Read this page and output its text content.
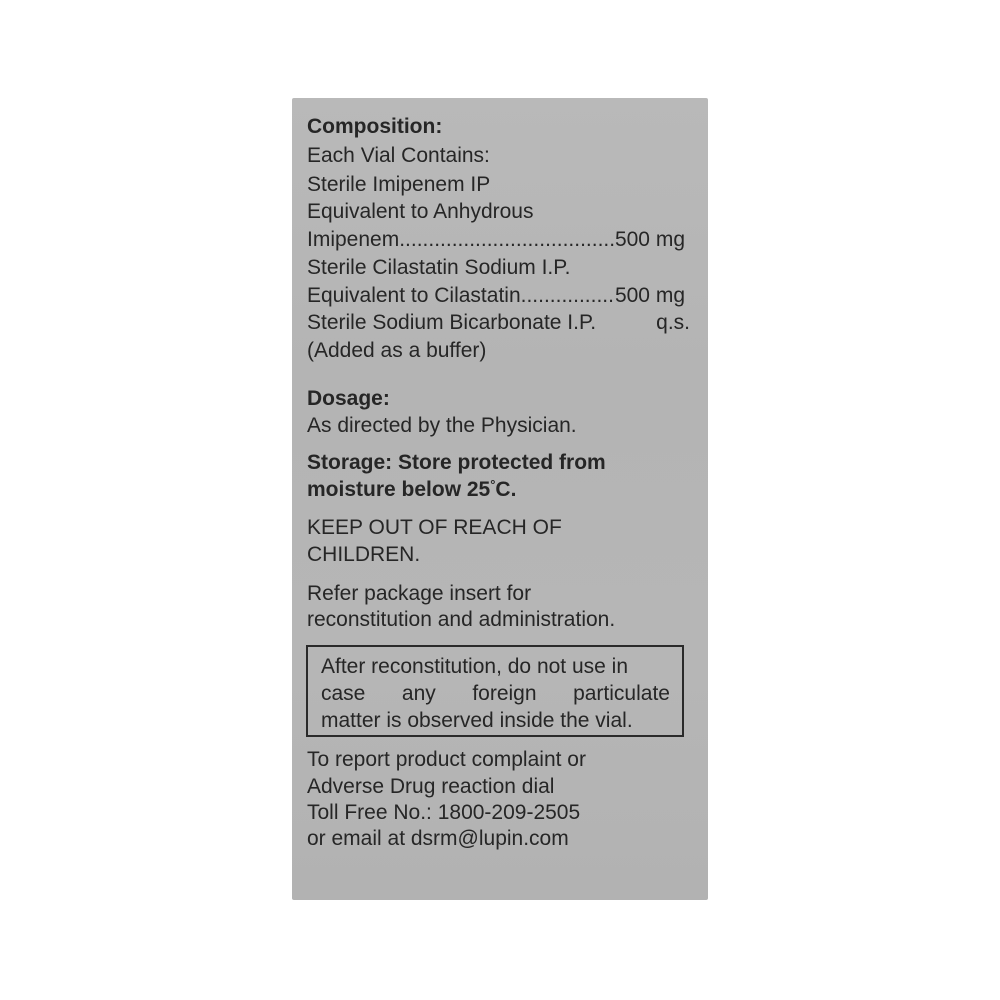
Composition:
Each Vial Contains:
Sterile Imipenem IP
Equivalent to Anhydrous
Imipenem .....	500 mg
Sterile Cilastatin Sodium I.P.
Equivalent to Cilastatin .....	500 mg
Sterile Sodium Bicarbonate I.P.	q.s.
(Added as a buffer)
Dosage:
As directed by the Physician.
Storage: Store protected from
moisture below 25°C.
KEEP OUT OF REACH OF
CHILDREN.
Refer package insert for
reconstitution and administration.
After reconstitution, do not use in
case any foreign particulate
matter is observed inside the vial.
To report product complaint or
Adverse Drug reaction dial
Toll Free No.: 1800-209-2505
or email at dsrm@lupin.com
